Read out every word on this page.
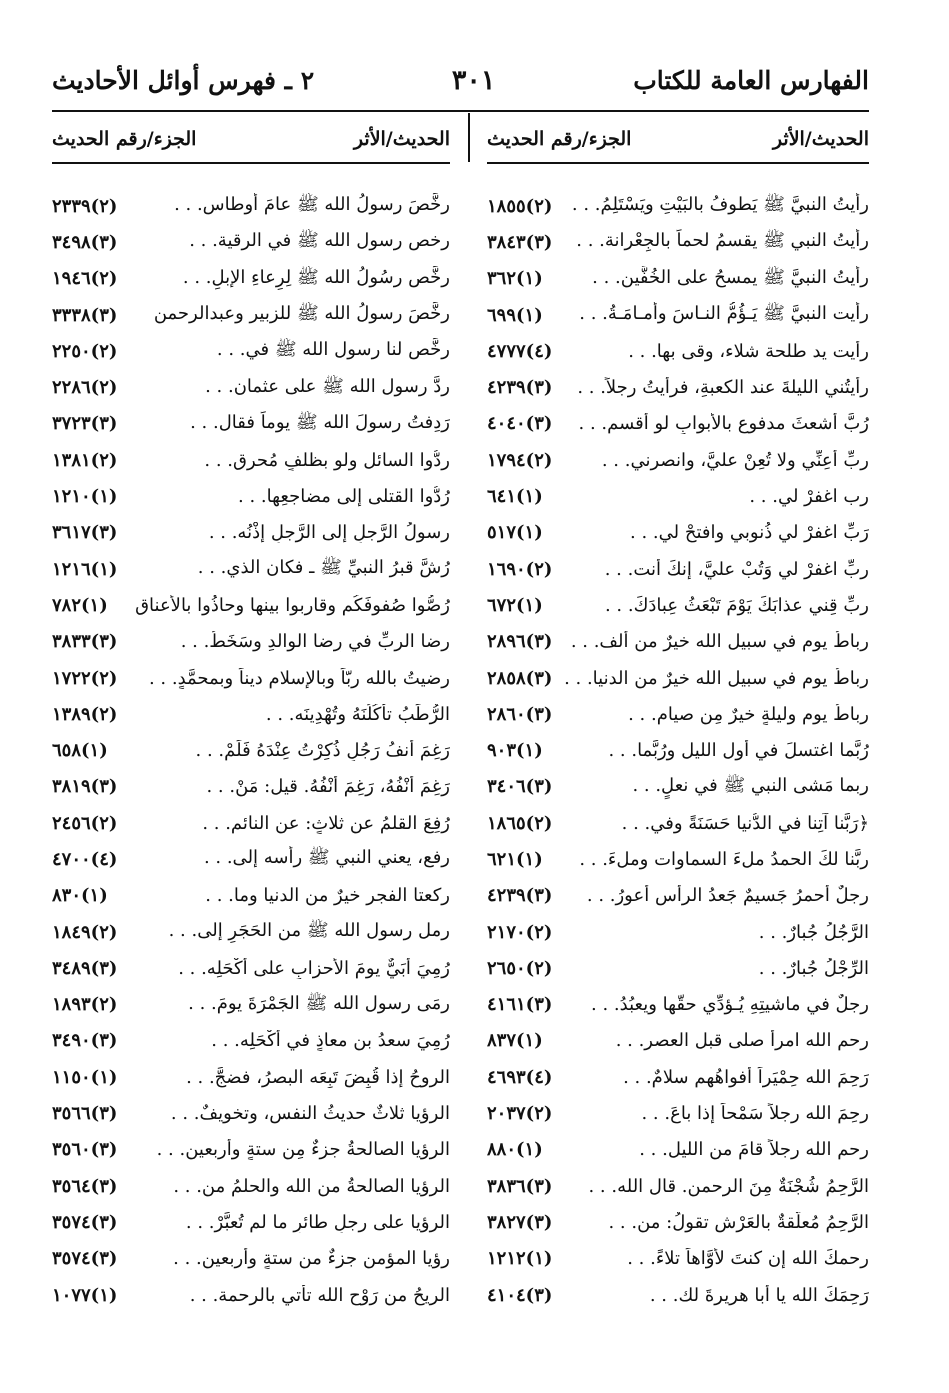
الفهارس العامة للكتاب
٣٠١
٢ ـ فهرس أوائل الأحاديث
الحديث/الأثر
الجزء/رقم الحديث
الحديث/الأثر
الجزء/رقم الحديث
رأيتُ النبيَّ ﷺ يَطوفُ بالبَيْتِ ويَسْتَلِمُ. . .
(٢)١٨٥٥
رأيتُ النبي ﷺ يقسمُ لحماً بالجِعْرانة. . .
(٣)٣٨٤٣
رأيتُ النبيَّ ﷺ يمسحُ على الخُفَّين. . .
(١)٣٦٢
رأيت النبيَّ ﷺ يَـؤُمُّ النـاسَ وأُمـامَـةُ. . .
(١)٦٩٩
رأيت يد طلحة شلاء، وقى بها. . .
(٤)٤٧٧٧
رأيتُني الليلةَ عند الكعبةِ، فرأيتُ رجلاً. . .
(٣)٤٢٣٩
رُبَّ أشعثَ مدفوعٍ بالأبوابِ لو أقسم. . .
(٣)٤٠٤٠
ربِّ أعِنِّي ولا تُعِنْ عليَّ، وانصرني. . .
(٢)١٧٩٤
رب اغفرْ لي. . .
(١)٦٤١
رَبِّ اغفرْ لي ذُنوبي وافتحْ لي. . .
(١)٥١٧
ربِّ اغفرْ لي وَتُبْ عليَّ، إنكَ أنت. . .
(٢)١٦٩٠
ربِّ قِني عذابَكَ يَوْمَ تَبْعَثُ عِبادَكَ. . .
(١)٦٧٢
رباطُ يوم في سبيل الله خيرٌ من ألف. . .
(٣)٢٨٩٦
رِباطُ يوم في سبيل الله خيرٌ من الدنيا. . .
(٣)٢٨٥٨
رِباطُ يوم وليلةٍ خيرٌ مِن صيام. . .
(٣)٢٨٦٠
رُبَّما اغتسلَ في أول الليل ورُبَّما. . .
(١)٩٠٣
ربما مَشى النبي ﷺ في نعلٍ. . .
(٣)٣٤٠٦
﴿رَبَّنا آتِنا في الدُّنيا حَسَنَةً وفي. . .
(٢)١٨٦٥
ربَّنا لكَ الحمدُ ملءَ السماوات وملءَ. . .
(١)٦٢١
رجلٌ أحمرُ جَسيمٌ جَعدُ الرأسِ أعورُ. . .
(٣)٤٢٣٩
الرَّجُلُ جُبارٌ. . .
(٢)٢١٧٠
الرِّجْلُ جُبارٌ. . .
(٢)٢٦٥٠
رجلٌ في ماشيتِهِ يُـؤدِّي حقَّها ويعبُدُ. . .
(٣)٤١٦١
رحم الله امرأً صلى قبل العصر. . .
(١)٨٣٧
رَحِمَ الله حِمْيَراً أفواهُهم سلامٌ. . .
(٤)٤٦٩٣
رحِمَ الله رجلاً سَمْحاً إذا باعَ. . .
(٢)٢٠٣٧
رحم الله رجلاً قامَ من الليل. . .
(١)٨٨٠
الرَّحِمُ شُجْنَةٌ مِنَ الرحمن. قال الله. . .
(٣)٣٨٣٦
الرَّحِمُ مُعلَّقةٌ بالعَرْشِ تقولُ: من. . .
(٣)٣٨٢٧
رحمكَ الله إن كنتَ لأوَّاهاً تلاءً. . .
(١)١٢١٢
رَحِمَكَ الله يا أبا هريرةَ لك. . .
(٣)٤١٠٤
رخَّصَ رسولُ الله ﷺ عامَ أوطاس. . .
(٢)٢٣٣٩
رخص رسول الله ﷺ في الرقية. . .
(٣)٣٤٩٨
رخَّص رسُولُ الله ﷺ لِرِعاءِ الإبلِ. . .
(٢)١٩٤٦
رخَّصَ رسولُ الله ﷺ للزبير وعبدالرحمن
(٣)٣٣٣٨
رخَّص لنا رسول الله ﷺ في. . .
(٢)٢٢٥٠
ردَّ رسول الله ﷺ على عثمان. . .
(٢)٢٢٨٦
رَدِفتُ رسولَ الله ﷺ يوماً فقال. . .
(٣)٣٧٢٣
ردُّوا السائل ولو بظلفٍ مُحرقٍ. . .
(٢)١٣٨١
رُدُّوا القتلى إلى مضاجعِها. . .
(١)١٢١٠
رسولُ الرَّجلِ إلى الرَّجلِ إذْنُه. . .
(٣)٣٦١٧
رُشَّ قبرُ النبيِّ ﷺ ـ فكان الذي. . .
(١)١٢١٦
رُصُّوا صُفوفَكُم وقاربوا بينها وحاذُوا بالأعناق
(١)٧٨٢
رِضا الربِّ في رِضا الوالدِ وسَخَطُ. . .
(٣)٣٨٣٣
رضيتُ بالله ربّاً وبالإسلامِ ديناً وبمحمَّدٍ. . .
(٢)١٧٢٢
الرُّطَبُ تأكُلُنَهُ وتُهْدِينَه. . .
(٢)١٣٨٩
رَغِمَ أنفُ رَجُلٍ ذُكِرْتُ عِنْدَهُ فَلَمْ. . .
(١)٦٥٨
رَغِمَ أنْفُهُ، رَغِمَ أنْفُهُ. قيل: مَنْ. . .
(٣)٣٨١٩
رُفِعَ القلمُ عن ثلاثٍ: عن النائمِ. . .
(٢)٢٤٥٦
رفع، يعني النبي ﷺ رأسه إلى. . .
(٤)٤٧٠٠
ركعتا الفجر خيرٌ من الدنيا وما. . .
(١)٨٣٠
رمل رسول الله ﷺ من الحَجَرِ إلى. . .
(٢)١٨٤٩
رُمِيَ أُبَيٌّ يومَ الأحزابِ على أَكْحَلِه. . .
(٣)٣٤٨٩
رمَى رسول الله ﷺ الجَمْرَةَ يومَ. . .
(٢)١٨٩٣
رُمِيَ سعدُ بن معاذٍ في أكْحَلِه. . .
(٣)٣٤٩٠
الروحُ إذا قُبِضَ تَبِعَه البصرُ، فضجَّ. . .
(١)١١٥٠
الرؤيا ثلاثٌ حديثُ النفسِ، وتخويفٌ. . .
(٣)٣٥٦٦
الرؤيا الصالحةُ جزءٌ مِن ستةٍ وأربعين. . .
(٣)٣٥٦٠
الرؤيا الصالحةُ من الله والحلمُ من. . .
(٣)٣٥٦٤
الرؤيا على رجلِ طائرٍ ما لم تُعبَّرْ. . .
(٣)٣٥٧٤
رؤيا المؤمن جزءٌ من ستةٍ وأربعين. . .
(٣)٣٥٧٤
الريحُ من رَوْحِ الله تأتي بالرحمة. . .
(١)١٠٧٧
